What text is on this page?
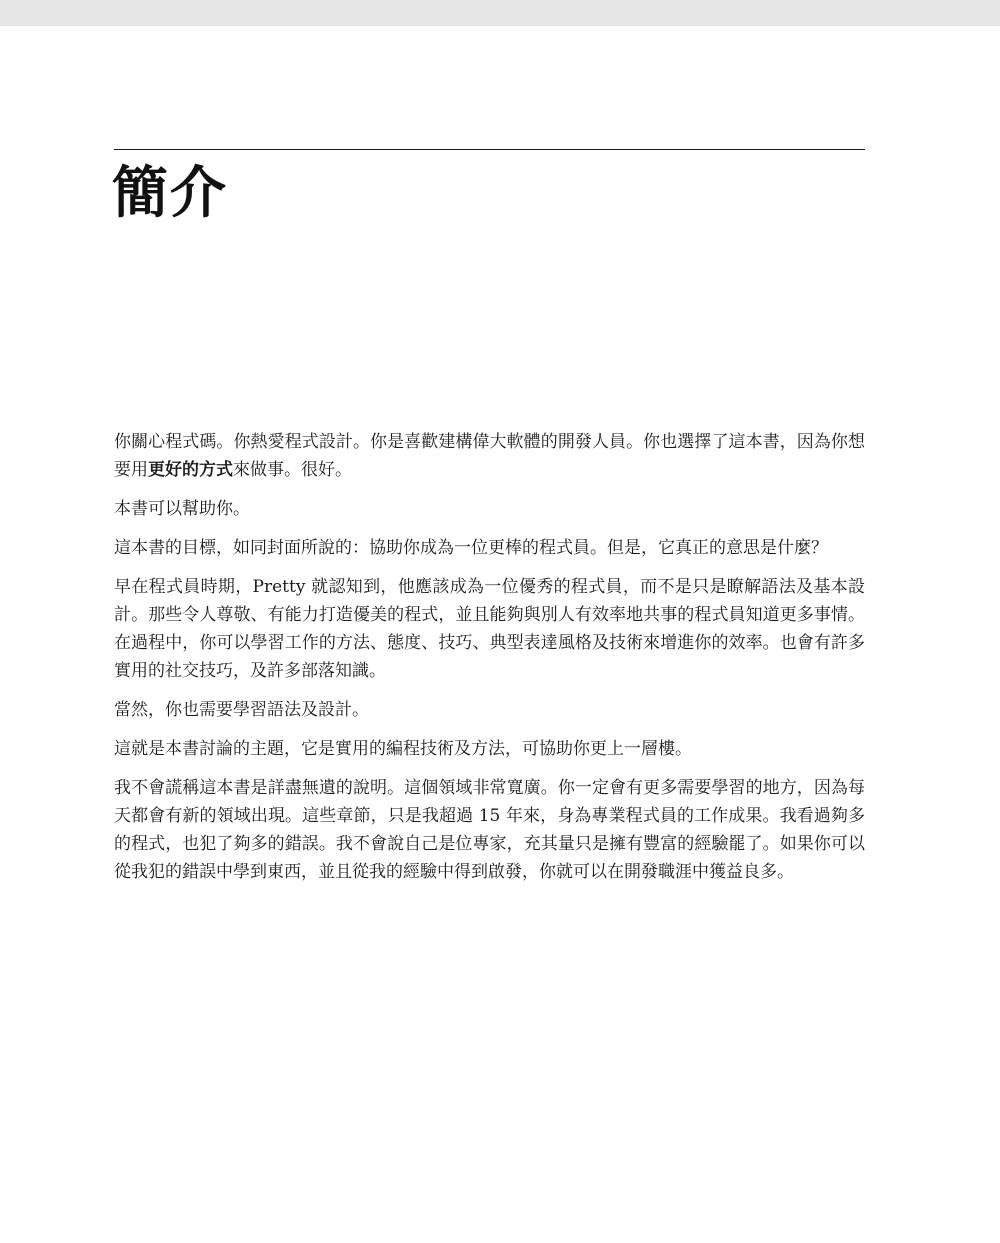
簡介

你關心程式碼。你熱愛程式設計。你是喜歡建構偉大軟體的開發人員。你也選擇了這本書，因為你想要用更好的方式來做事。很好。

本書可以幫助你。

這本書的目標，如同封面所說的：協助你成為一位更棒的程式員。但是，它真正的意思是什麼？

早在程式員時期，Pretty 就認知到，他應該成為一位優秀的程式員，而不是只是瞭解語法及基本設計。那些令人尊敬、有能力打造優美的程式，並且能夠與別人有效率地共事的程式員知道更多事情。在過程中，你可以學習工作的方法、態度、技巧、典型表達風格及技術來增進你的效率。也會有許多實用的社交技巧，及許多部落知識。

當然，你也需要學習語法及設計。

這就是本書討論的主題，它是實用的編程技術及方法，可協助你更上一層樓。

我不會謊稱這本書是詳盡無遺的說明。這個領域非常寬廣。你一定會有更多需要學習的地方，因為每天都會有新的領域出現。這些章節，只是我超過 15 年來，身為專業程式員的工作成果。我看過夠多的程式，也犯了夠多的錯誤。我不會說自己是位專家，充其量只是擁有豐富的經驗罷了。如果你可以從我犯的錯誤中學到東西，並且從我的經驗中得到啟發，你就可以在開發職涯中獲益良多。
